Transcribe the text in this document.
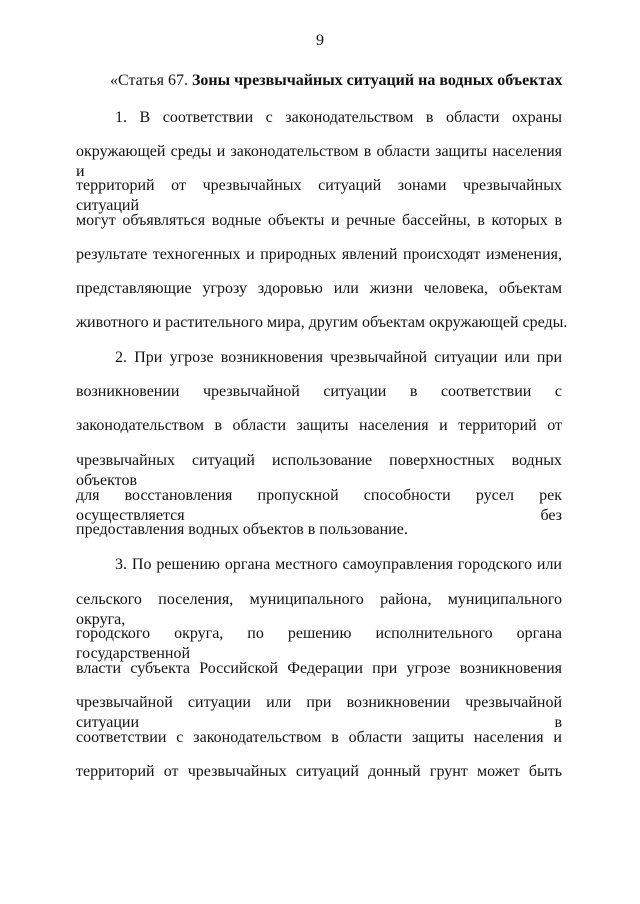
9
«Статья 67. Зоны чрезвычайных ситуаций на водных объектах
1. В соответствии с законодательством в области охраны
окружающей среды и законодательством в области защиты населения и
территорий от чрезвычайных ситуаций зонами чрезвычайных ситуаций
могут объявляться водные объекты и речные бассейны, в которых в
результате техногенных и природных явлений происходят изменения,
представляющие угрозу здоровью или жизни человека, объектам
животного и растительного мира, другим объектам окружающей среды.
2. При угрозе возникновения чрезвычайной ситуации или при
возникновении чрезвычайной ситуации в соответствии с
законодательством в области защиты населения и территорий от
чрезвычайных ситуаций использование поверхностных водных объектов
для восстановления пропускной способности русел рек осуществляется без
предоставления водных объектов в пользование.
3. По решению органа местного самоуправления городского или
сельского поселения, муниципального района, муниципального округа,
городского округа, по решению исполнительного органа государственной
власти субъекта Российской Федерации при угрозе возникновения
чрезвычайной ситуации или при возникновении чрезвычайной ситуации в
соответствии с законодательством в области защиты населения и
территорий от чрезвычайных ситуаций донный грунт может быть
